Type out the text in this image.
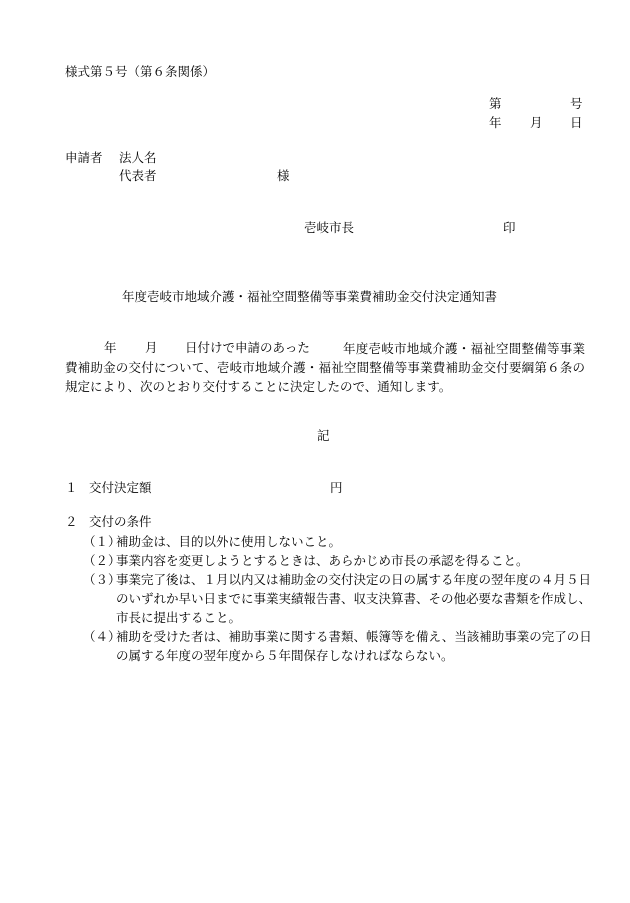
様式第５号（第６条関係）
第	号
年 月 日
申請者 法人名
代表者	様
壱岐市長	印
年度壱岐市地域介護・福祉空間整備等事業費補助金交付決定通知書
年 月 日付けで申請のあった	年度壱岐市地域介護・福祉空間整備等事業費補助金の交付について、壱岐市地域介護・福祉空間整備等事業費補助金交付要綱第６条の規定により、次のとおり交付することに決定したので、通知します。
記
１ 交付決定額	円
２ 交付の条件
（１）
補助金は、目的以外に使用しないこと。
（２）
事業内容を変更しようとするときは、あらかじめ市長の承認を得ること。
（３）
事業完了後は、１月以内又は補助金の交付決定の日の属する年度の翌年度の４月５日のいずれか早い日までに事業実績報告書、収支決算書、その他必要な書類を作成し、市長に提出すること。
（４）
補助を受けた者は、補助事業に関する書類、帳簿等を備え、当該補助事業の完了の日の属する年度の翌年度から５年間保存しなければならない。
